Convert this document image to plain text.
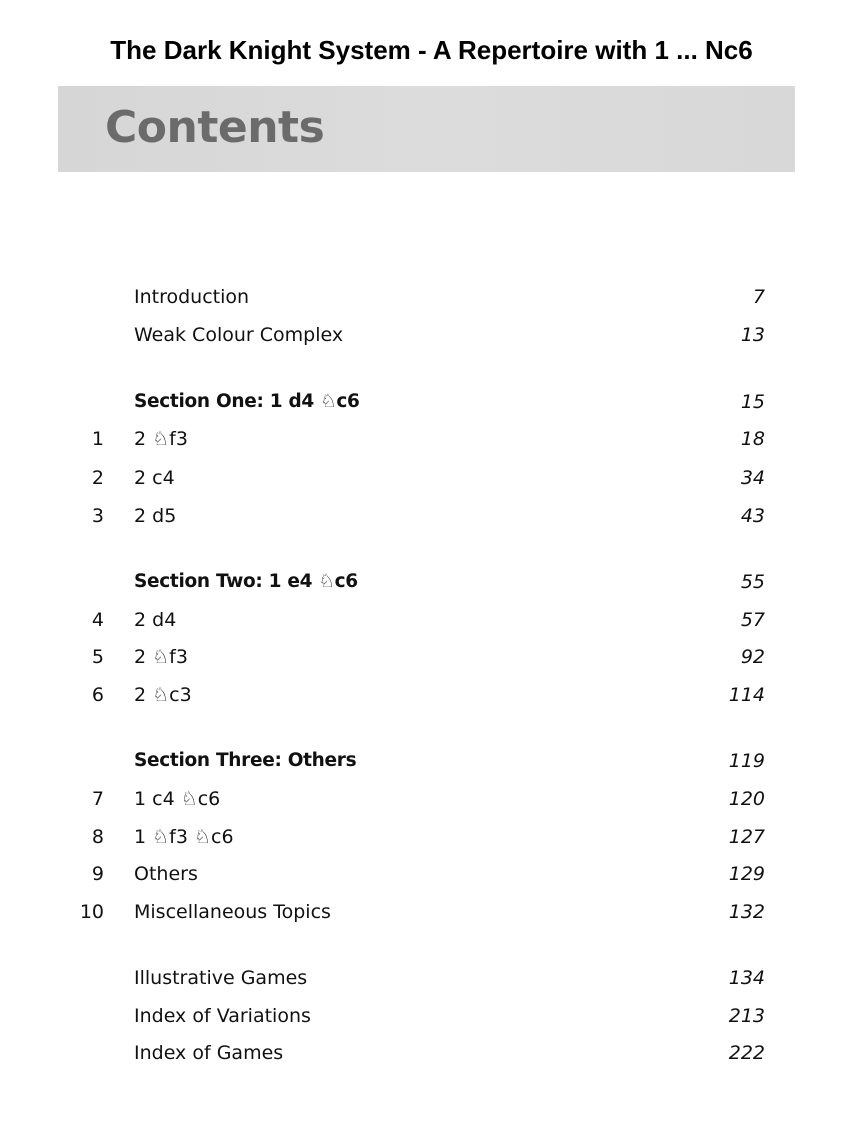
The Dark Knight System - A Repertoire with 1 ... Nc6
Contents
Introduction	7
Weak Colour Complex	13
Section One: 1 d4 ♘c6	15
1 2 ♘f3	18
2 2 c4	34
3 2 d5	43
Section Two: 1 e4 ♘c6	55
4 2 d4	57
5 2 ♘f3	92
6 2 ♘c3	114
Section Three: Others	119
7 1 c4 ♘c6	120
8 1 ♘f3 ♘c6	127
9 Others	129
10 Miscellaneous Topics	132
Illustrative Games	134
Index of Variations	213
Index of Games	222
